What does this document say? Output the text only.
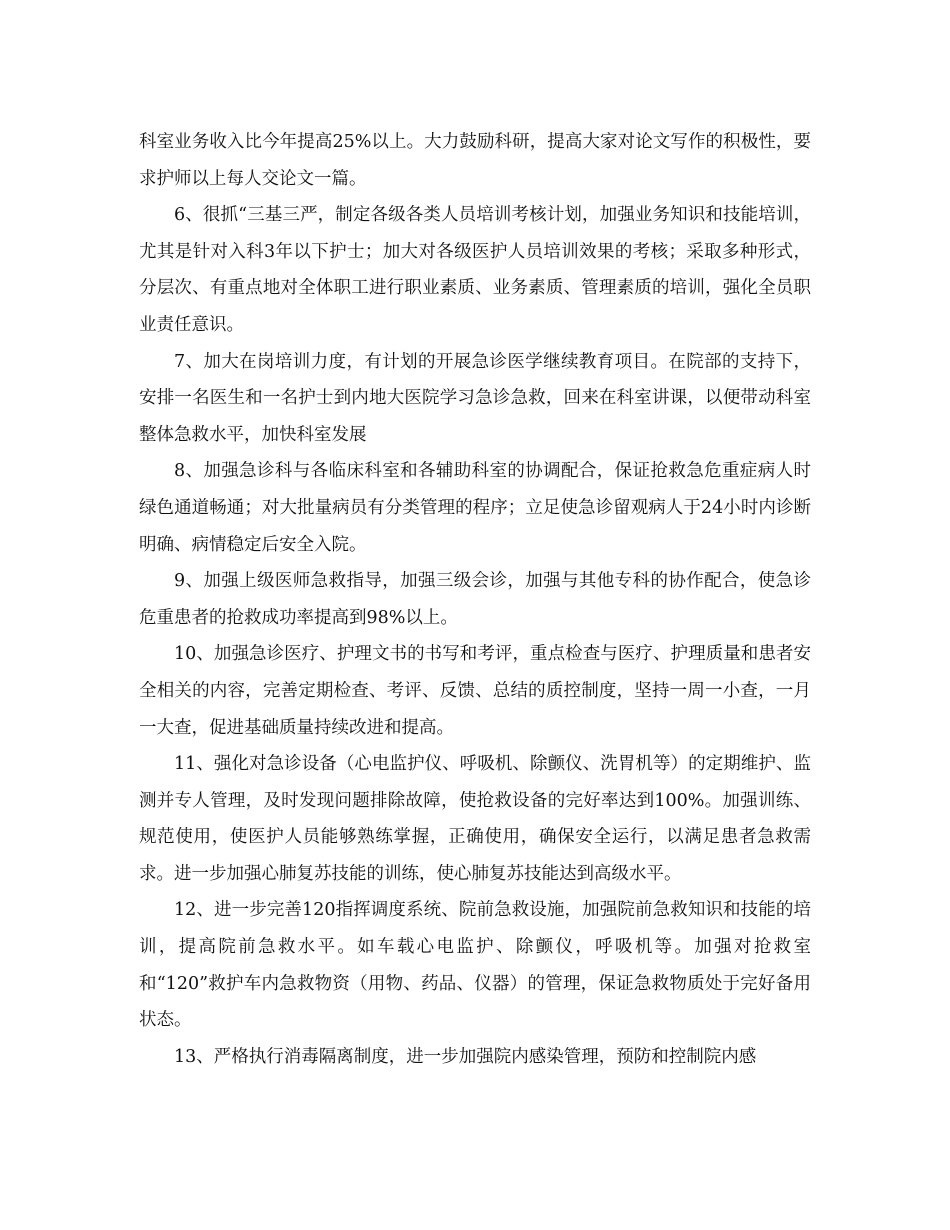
科室业务收入比今年提高25%以上。大力鼓励科研，提高大家对论文写作的积极性，要求护师以上每人交论文一篇。

6、很抓“三基三严，制定各级各类人员培训考核计划，加强业务知识和技能培训，尤其是针对入科3年以下护士；加大对各级医护人员培训效果的考核；采取多种形式，分层次、有重点地对全体职工进行职业素质、业务素质、管理素质的培训，强化全员职业责任意识。

7、加大在岗培训力度，有计划的开展急诊医学继续教育项目。在院部的支持下，安排一名医生和一名护士到内地大医院学习急诊急救，回来在科室讲课，以便带动科室整体急救水平，加快科室发展

8、加强急诊科与各临床科室和各辅助科室的协调配合，保证抢救急危重症病人时绿色通道畅通；对大批量病员有分类管理的程序；立足使急诊留观病人于24小时内诊断明确、病情稳定后安全入院。

9、加强上级医师急救指导，加强三级会诊，加强与其他专科的协作配合，使急诊危重患者的抢救成功率提高到98%以上。

10、加强急诊医疗、护理文书的书写和考评，重点检查与医疗、护理质量和患者安全相关的内容，完善定期检查、考评、反馈、总结的质控制度，坚持一周一小查，一月一大查，促进基础质量持续改进和提高。

11、强化对急诊设备（心电监护仪、呼吸机、除颤仪、洗胃机等）的定期维护、监测并专人管理，及时发现问题排除故障，使抢救设备的完好率达到100%。加强训练、规范使用，使医护人员能够熟练掌握，正确使用，确保安全运行，以满足患者急救需求。进一步加强心肺复苏技能的训练，使心肺复苏技能达到高级水平。

12、进一步完善120指挥调度系统、院前急救设施，加强院前急救知识和技能的培训，提高院前急救水平。如车载心电监护、除颤仪，呼吸机等。加强对抢救室和“120”救护车内急救物资（用物、药品、仪器）的管理，保证急救物质处于完好备用状态。

13、严格执行消毒隔离制度，进一步加强院内感染管理，预防和控制院内感
